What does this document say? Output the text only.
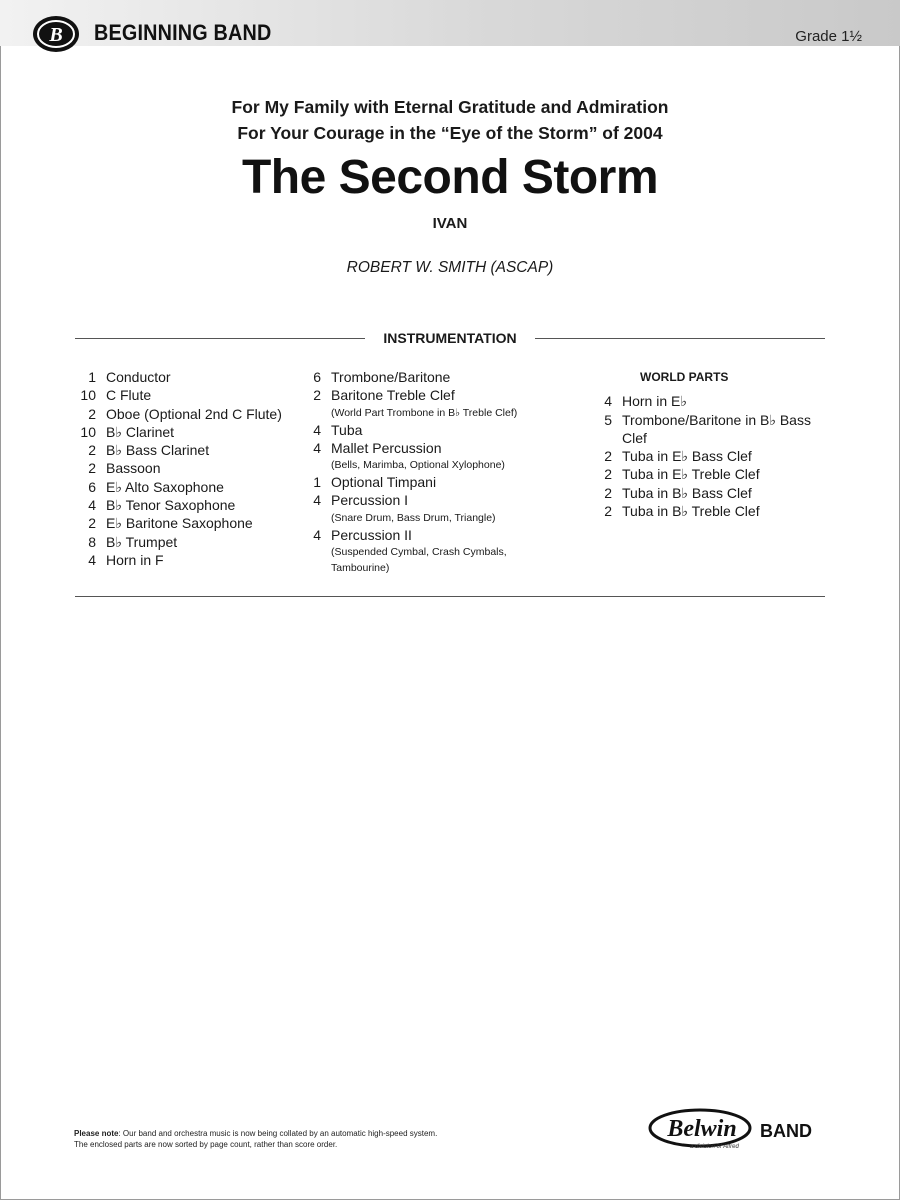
B BEGINNING BAND	Grade 1½
For My Family with Eternal Gratitude and Admiration
For Your Courage in the “Eye of the Storm” of 2004
The Second Storm
IVAN
ROBERT W. SMITH (ASCAP)
INSTRUMENTATION
1 Conductor
10 C Flute
2 Oboe (Optional 2nd C Flute)
10 B♭ Clarinet
2 B♭ Bass Clarinet
2 Bassoon
6 E♭ Alto Saxophone
4 B♭ Tenor Saxophone
2 E♭ Baritone Saxophone
8 B♭ Trumpet
4 Horn in F
6 Trombone/Baritone
2 Baritone Treble Clef
(World Part Trombone in B♭ Treble Clef)
4 Tuba
4 Mallet Percussion
(Bells, Marimba, Optional Xylophone)
1 Optional Timpani
4 Percussion I
(Snare Drum, Bass Drum, Triangle)
4 Percussion II
(Suspended Cymbal, Crash Cymbals, Tambourine)
WORLD PARTS
4 Horn in E♭
5 Trombone/Baritone in B♭ Bass Clef
2 Tuba in E♭ Bass Clef
2 Tuba in E♭ Treble Clef
2 Tuba in B♭ Bass Clef
2 Tuba in B♭ Treble Clef
Please note: Our band and orchestra music is now being collated by an automatic high-speed system.
The enclosed parts are now sorted by page count, rather than score order.
Belwin BAND
a division of Alfred
